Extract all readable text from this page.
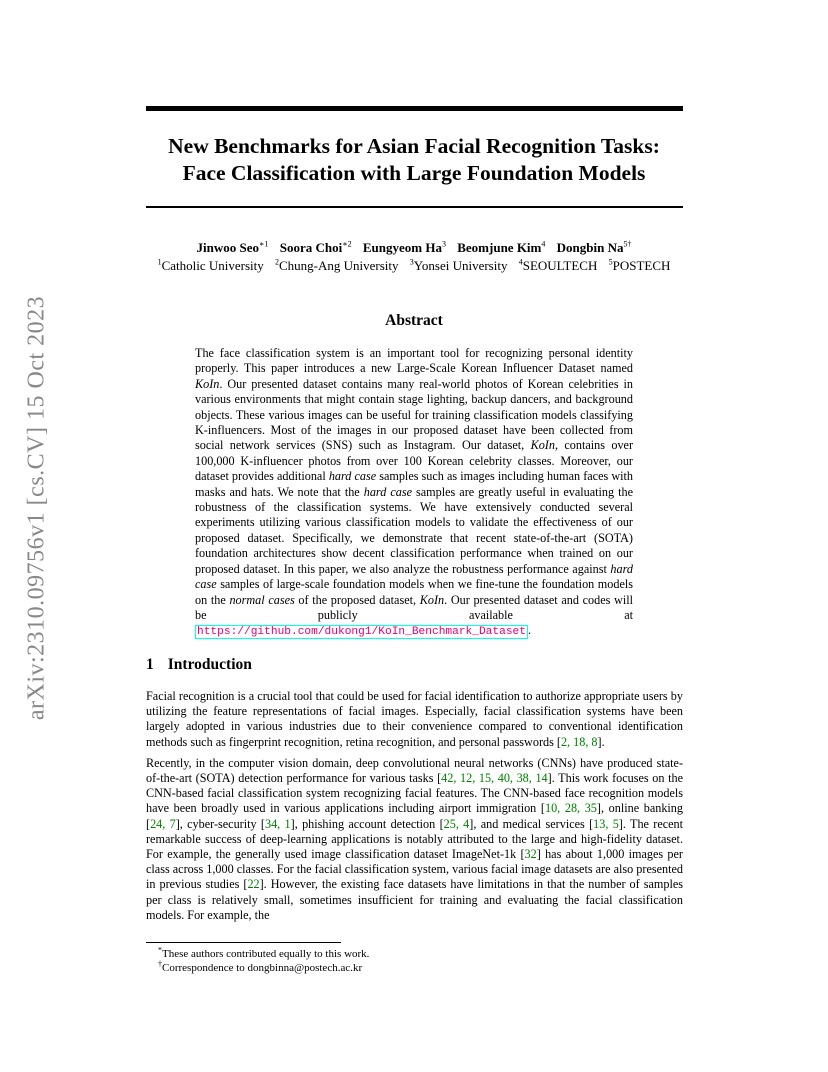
New Benchmarks for Asian Facial Recognition Tasks:
Face Classification with Large Foundation Models
Jinwoo Seo$^{∗1}$ Soora Choi$^{∗2}$ Eungyeom Ha$^3$ Beomjune Kim$^4$ Dongbin $Na^{5\dagger}$
$^1$Catholic University $^2$Chung-Ang University $^3$Yonsei University $^4$SEOULTECH $^5$POSTECH
arXiv:2310.09756v1 [cs.CV] 15 Oct 2023	Abstract

The face classification system is an important tool for recognizing personal identity properly. This paper introduces a new Large-Scale Korean Influencer Dataset named KoIn. Our presented dataset contains many real-world photos of Korean celebrities in various environments that might contain stage lighting, backup dancers, and background objects. These various images can be useful for training classification models classifying K-influencers. Most of the images in our proposed dataset have been collected from social network services (SNS) such as Instagram. Our dataset, KoIn, contains over 100,000 K-influencer photos from over 100 Korean celebrity classes. Moreover, our dataset provides additional hard case samples such as images including human faces with masks and hats. We note that the hard case samples are greatly useful in evaluating the robustness of the classification systems. We have extensively conducted several experiments utilizing various classification models to validate the effectiveness of our proposed dataset. Specifically, we demonstrate that recent state-of-the-art (SOTA) foundation architectures show decent classification performance when trained on our proposed dataset. In this paper, we also analyze the robustness performance against hard case samples of large-scale foundation models when we fine-tune the foundation models on the normal cases of the proposed dataset, KoIn. Our presented dataset and codes will be publicly available at https://github.com/dukong1/KoIn_Benchmark_Dataset .

1 Introduction

Facial recognition is a crucial tool that could be used for facial identification to authorize appropriate users by utilizing the feature representations of facial images. Especially, facial classification systems have been largely adopted in various industries due to their convenience compared to conventional identification methods such as fingerprint recognition, retina recognition, and personal passwords [2, 18, 8].

Recently, in the computer vision domain, deep convolutional neural networks (CNNs) have produced state-of-the-art (SOTA) detection performance for various tasks [42, 12, 15, 40, 38, 14]. This work focuses on the CNN-based facial classification system recognizing facial features. The CNN-based face recognition models have been broadly used in various applications including airport immigration [10, 28, 35], online banking [24, 7], cyber-security [34, 1], phishing account detection [25, 4], and medical services [13, 5]. The recent remarkable success of deep-learning applications is notably attributed to the large and high-fidelity dataset. For example, the generally used image classification dataset ImageNet-1k [32] has about 1,000 images per class across 1,000 classes. For the facial classification system, various facial image datasets are also presented in previous studies [22]. However, the existing face datasets have limitations in that the number of samples per class is relatively small, sometimes insufficient for training and evaluating the facial classification models. For example, the

*These authors contributed equally to this work.
†Correspondence to dongbinna@postech.ac.kr
